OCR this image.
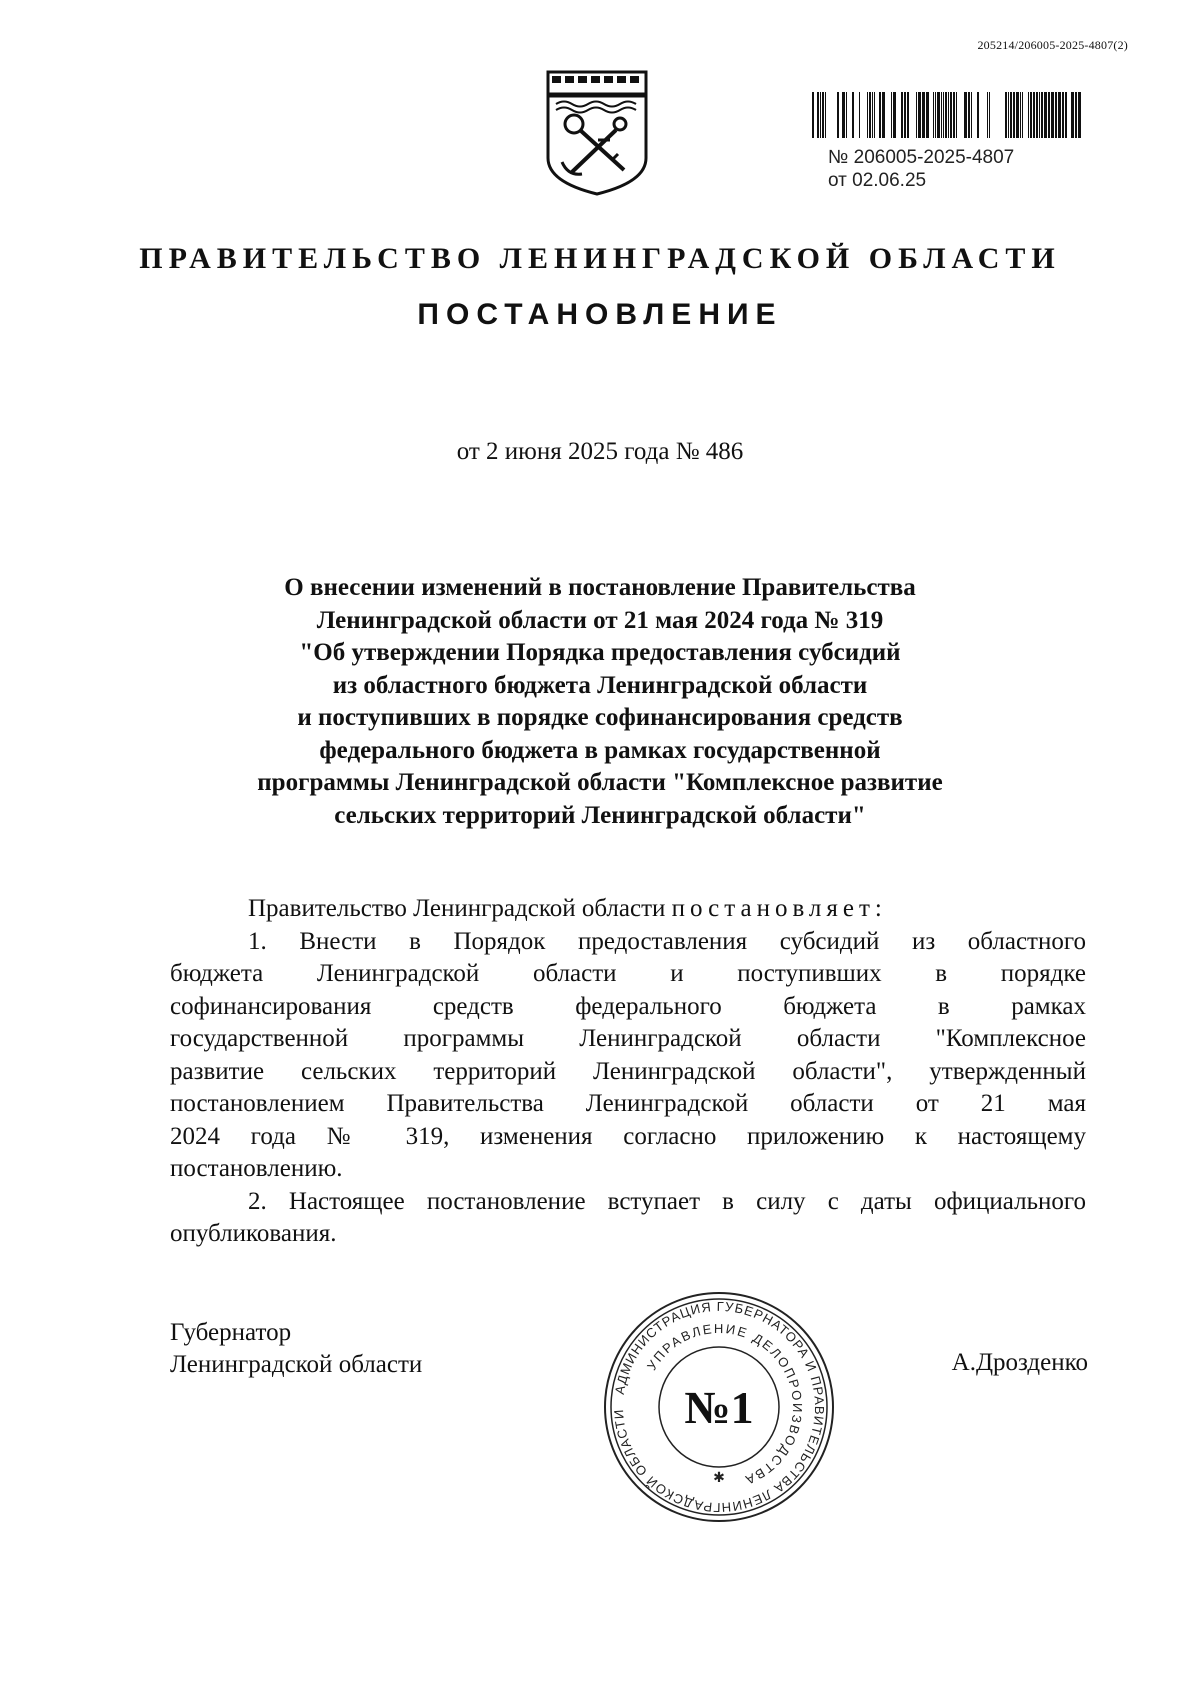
205214/206005-2025-4807(2)
№ 206005-2025-4807
от 02.06.25
ПРАВИТЕЛЬСТВО ЛЕНИНГРАДСКОЙ ОБЛАСТИ
ПОСТАНОВЛЕНИЕ
от 2 июня 2025 года № 486
О внесении изменений в постановление Правительства
Ленинградской области от 21 мая 2024 года № 319
"Об утверждении Порядка предоставления субсидий
из областного бюджета Ленинградской области
и поступивших в порядке софинансирования средств
федерального бюджета в рамках государственной
программы Ленинградской области "Комплексное развитие
сельских территорий Ленинградской области"
Правительство Ленинградской области постановляет:
1. Внести в Порядок предоставления субсидий из областного
бюджета Ленинградской области и поступивших в порядке
софинансирования средств федерального бюджета в рамках
государственной программы Ленинградской области "Комплексное
развитие сельских территорий Ленинградской области", утвержденный
постановлением Правительства Ленинградской области от 21 мая
2024 года № 319, изменения согласно приложению к настоящему
постановлению.
2. Настоящее постановление вступает в силу с даты официального
опубликования.
Губернатор
Ленинградской области
АДМИНИСТРАЦИЯ ГУБЕРНАТОРА И ПРАВИТЕЛЬСТВА ЛЕНИНГРАДСКОЙ ОБЛАСТИ
УПРАВЛЕНИЕ ДЕЛОПРОИЗВОДСТВА
№1
✱
А.Дрозденко
